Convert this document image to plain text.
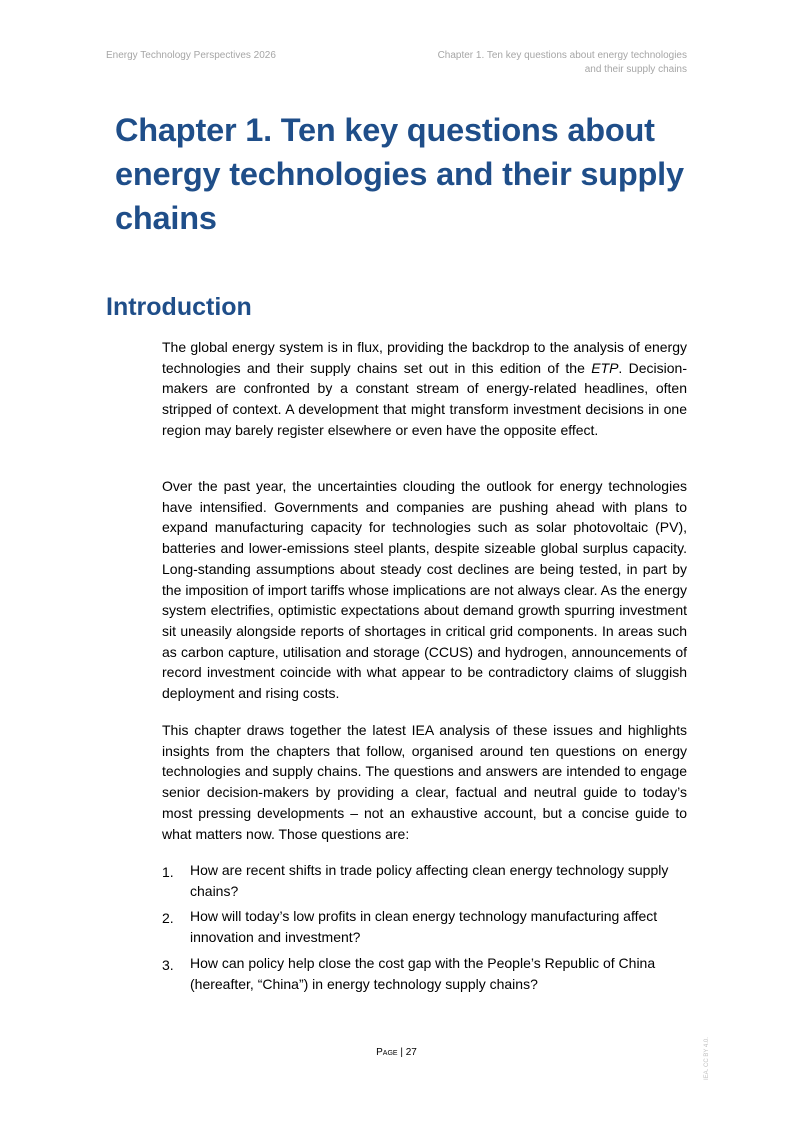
Energy Technology Perspectives 2026	Chapter 1. Ten key questions about energy technologies
and their supply chains
Chapter 1. Ten key questions about energy technologies and their supply chains
Introduction

The global energy system is in flux, providing the backdrop to the analysis of energy technologies and their supply chains set out in this edition of the ETP. Decision-makers are confronted by a constant stream of energy-related headlines, often stripped of context. A development that might transform investment decisions in one region may barely register elsewhere or even have the opposite effect.

Over the past year, the uncertainties clouding the outlook for energy technologies have intensified. Governments and companies are pushing ahead with plans to expand manufacturing capacity for technologies such as solar photovoltaic (PV), batteries and lower-emissions steel plants, despite sizeable global surplus capacity. Long-standing assumptions about steady cost declines are being tested, in part by the imposition of import tariffs whose implications are not always clear. As the energy system electrifies, optimistic expectations about demand growth spurring investment sit uneasily alongside reports of shortages in critical grid components. In areas such as carbon capture, utilisation and storage (CCUS) and hydrogen, announcements of record investment coincide with what appear to be contradictory claims of sluggish deployment and rising costs.

This chapter draws together the latest IEA analysis of these issues and highlights insights from the chapters that follow, organised around ten questions on energy technologies and supply chains. The questions and answers are intended to engage senior decision-makers by providing a clear, factual and neutral guide to today’s most pressing developments – not an exhaustive account, but a concise guide to what matters now. Those questions are:

1. How are recent shifts in trade policy affecting clean energy technology supply chains?
2. How will today’s low profits in clean energy technology manufacturing affect innovation and investment?
3. How can policy help close the cost gap with the People’s Republic of China (hereafter, “China”) in energy technology supply chains?
Page | 27	IEA. CC BY 4.0.
